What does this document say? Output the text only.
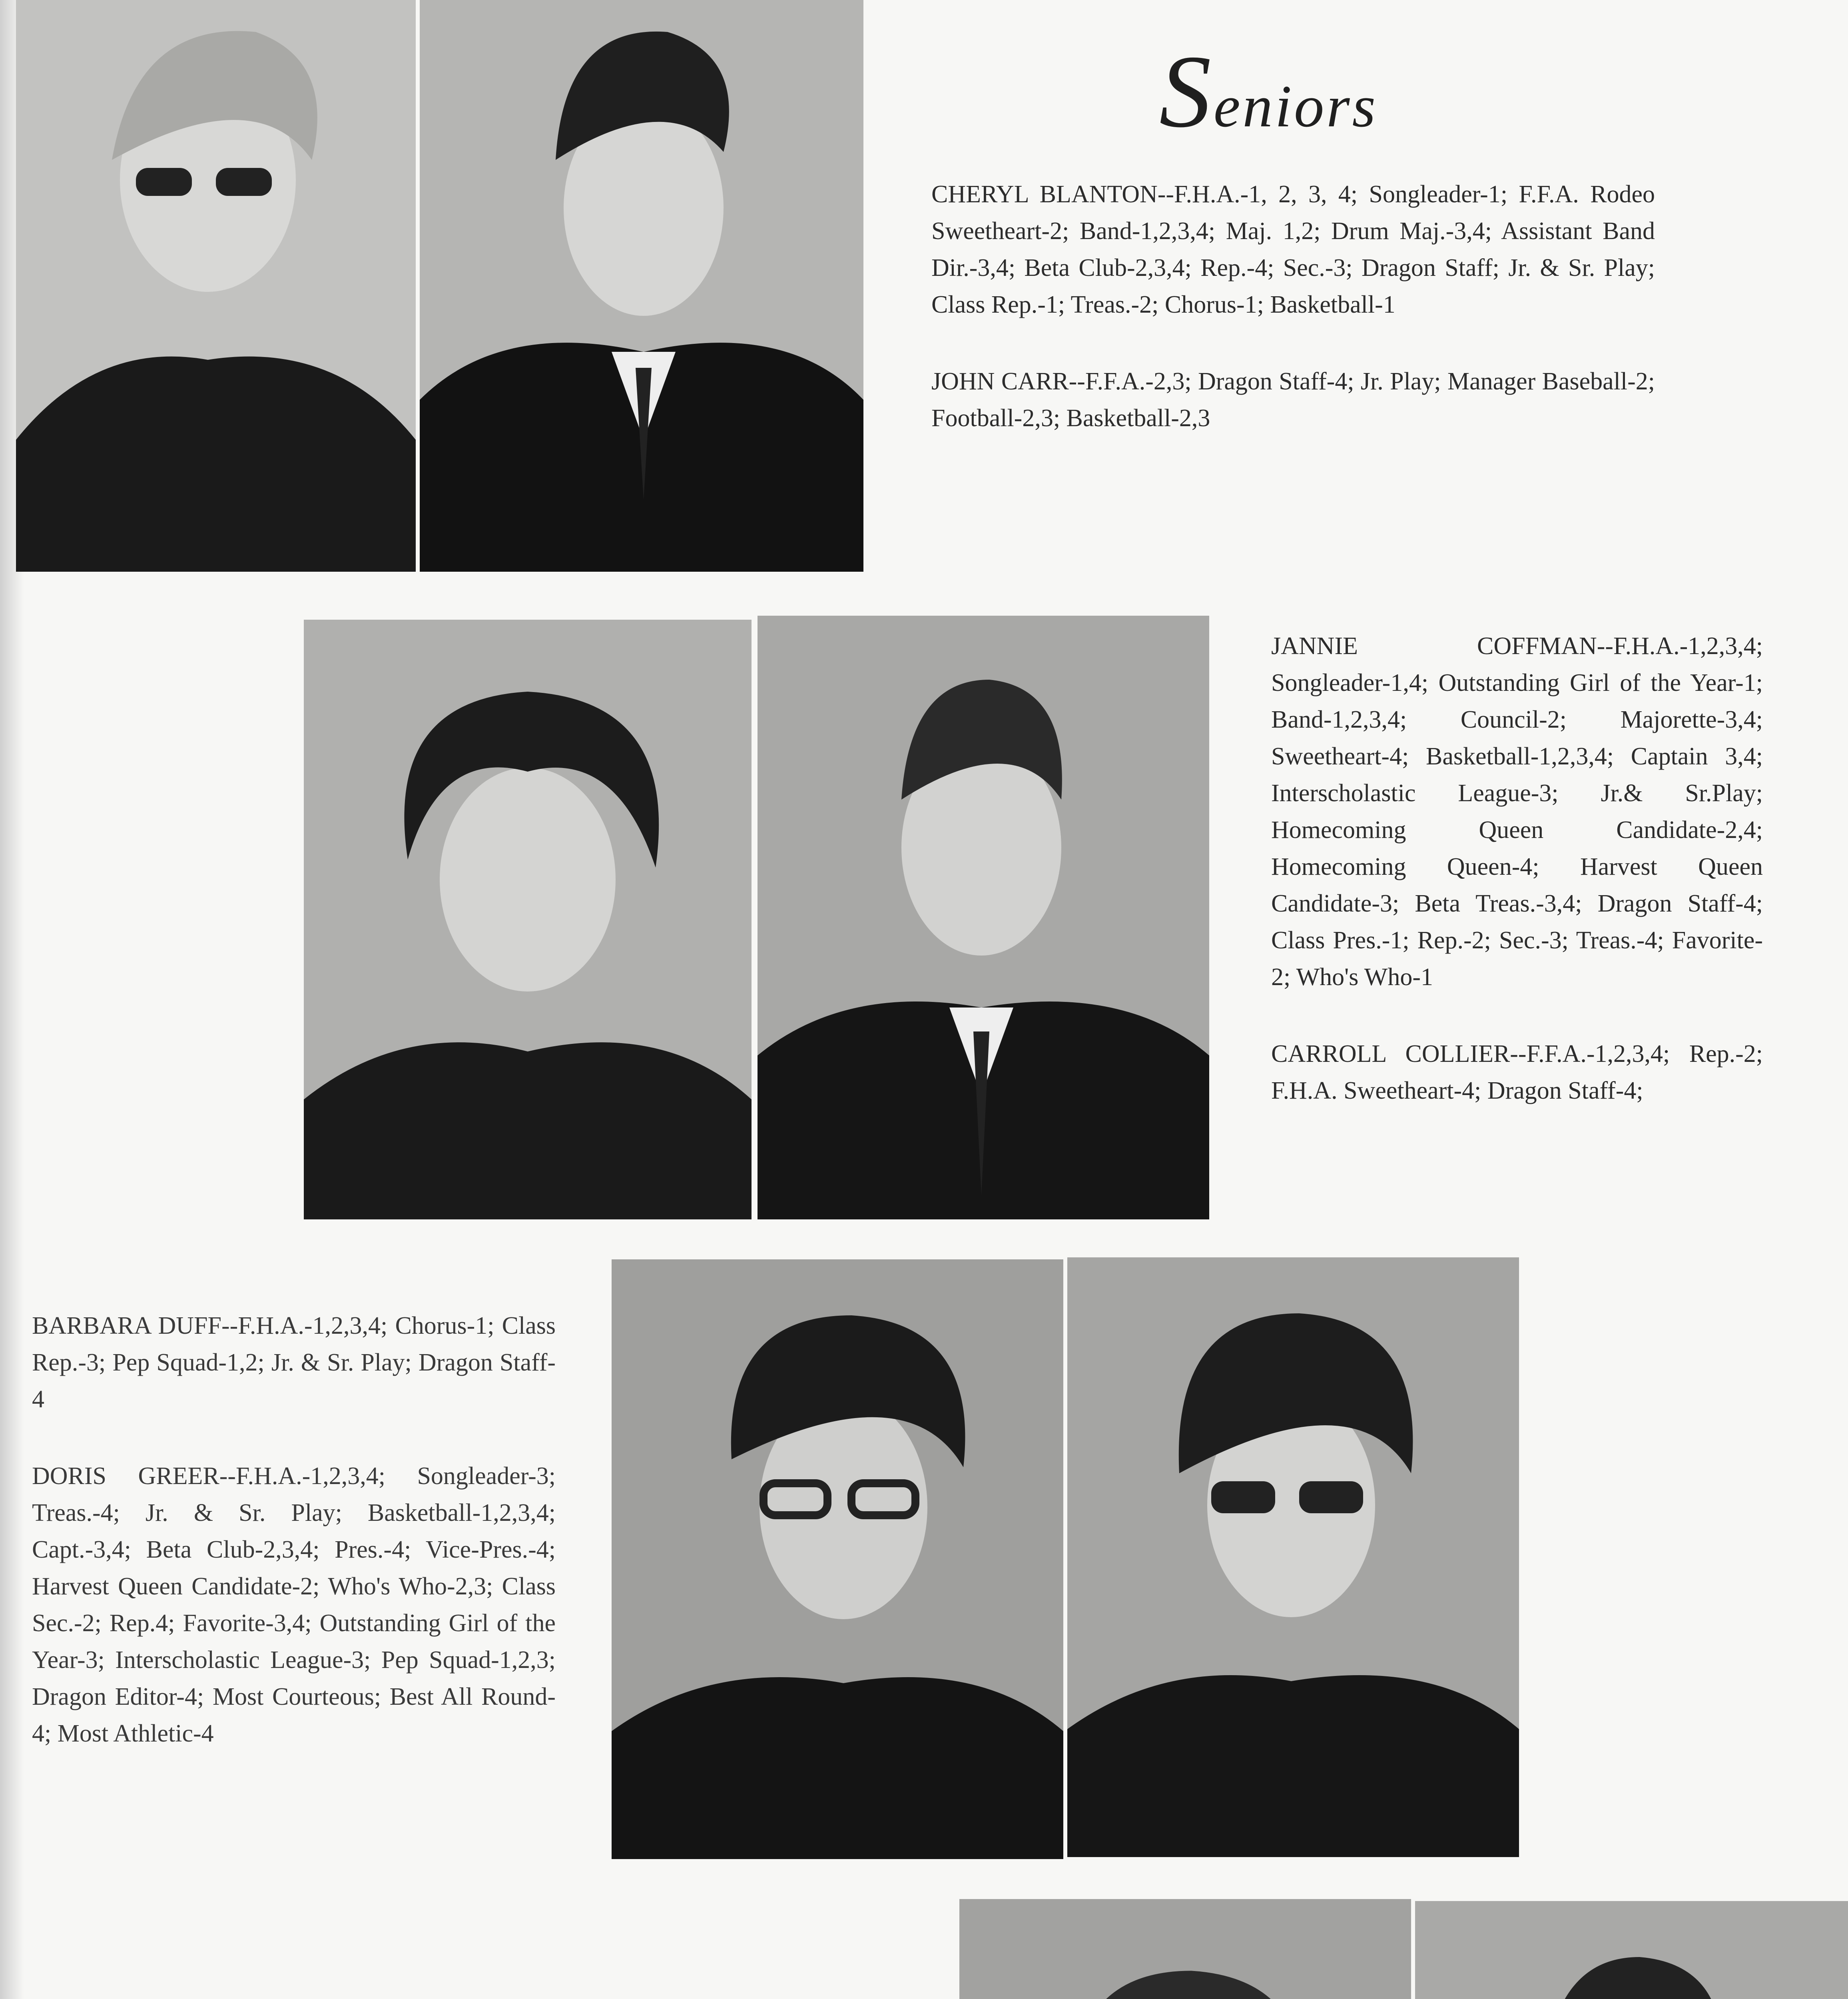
Seniors

CHERYL BLANTON--F.H.A.-1, 2, 3, 4; Songleader-1; F.F.A. Rodeo Sweetheart-2; Band-1,2,3,4; Maj. 1,2; Drum Maj.-3,4; Assistant Band Dir.-3,4; Beta Club-2,3,4; Rep.-4; Sec.-3; Dragon Staff; Jr. & Sr. Play; Class Rep.-1; Treas.-2; Chorus-1; Basketball-1

JOHN CARR--F.F.A.-2,3; Dragon Staff-4; Jr. Play; Manager Baseball-2; Football-2,3; Basketball-2,3

JANNIE COFFMAN--F.H.A.-1,2,3,4; Songleader-1,4; Outstanding Girl of the Year-1; Band-1,2,3,4; Council-2; Majorette-3,4; Sweetheart-4; Basketball-1,2,3,4; Captain 3,4; Interscholastic League-3; Jr.& Sr.Play; Homecoming Queen Candidate-2,4; Homecoming Queen-4; Harvest Queen Candidate-3; Beta Treas.-3,4; Dragon Staff-4; Class Pres.-1; Rep.-2; Sec.-3; Treas.-4; Favorite-2; Who's Who-1

CARROLL COLLIER--F.F.A.-1,2,3,4; Rep.-2; F.H.A. Sweetheart-4; Dragon Staff-4;

BARBARA DUFF--F.H.A.-1,2,3,4; Chorus-1; Class Rep.-3; Pep Squad-1,2; Jr. & Sr. Play; Dragon Staff-4

DORIS GREER--F.H.A.-1,2,3,4; Songleader-3; Treas.-4; Jr. & Sr. Play; Basketball-1,2,3,4; Capt.-3,4; Beta Club-2,3,4; Pres.-4; Vice-Pres.-4; Harvest Queen Candidate-2; Who's Who-2,3; Class Sec.-2; Rep.4; Favorite-3,4; Outstanding Girl of the Year-3; Interscholastic League-3; Pep Squad-1,2,3; Dragon Editor-4; Most Courteous; Best All Round-4; Most Athletic-4
